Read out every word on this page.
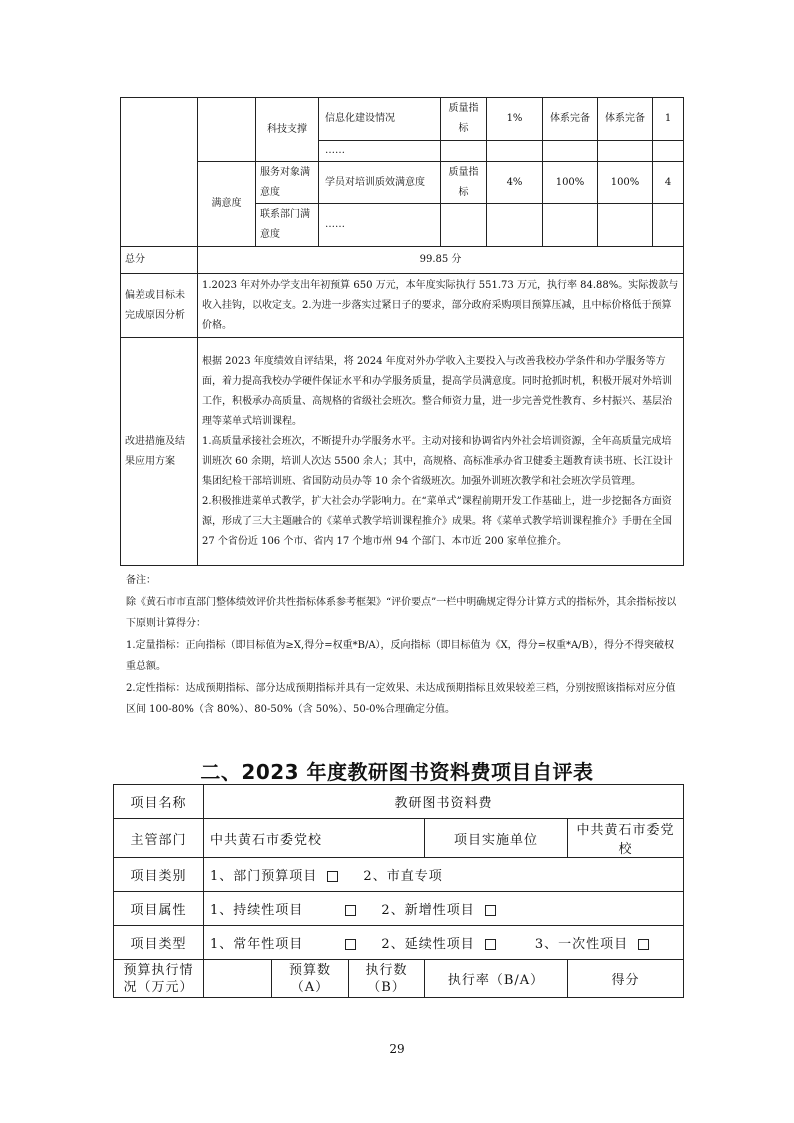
		科技支撑	信息化建设情况	质量指标	1%	体系完备	体系完备	1
			……					
	满意度	服务对象满意度	学员对培训质效满意度	质量指标	4%	100%	100%	4
		联系部门满意度	……					
总分	99.85 分							
偏差或目标未完成原因分析	1.2023 年对外办学支出年初预算 650 万元，本年度实际执行 551.73 万元，执行率 84.88%。实际拨款与收入挂钩，以收定支。2.为进一步落实过紧日子的要求，部分政府采购项目预算压减，且中标价格低于预算价格。							
改进措施及结果应用方案	根据 2023 年度绩效自评结果，将 2024 年度对外办学收入主要投入与改善我校办学条件和办学服务等方面，着力提高我校办学硬件保证水平和办学服务质量，提高学员满意度。同时抢抓时机，积极开展对外培训工作，积极承办高质量、高规格的省级社会班次。整合师资力量，进一步完善党性教育、乡村振兴、基层治理等菜单式培训课程。
1.高质量承接社会班次，不断提升办学服务水平。主动对接和协调省内外社会培训资源，全年高质量完成培训班次 60 余期，培训人次达 5500 余人；其中，高规格、高标准承办省卫健委主题教育读书班、长江设计集团纪检干部培训班、省国防动员办等 10 余个省级班次。加强外训班次教学和社会班次学员管理。
2.积极推进菜单式教学，扩大社会办学影响力。在“菜单式”课程前期开发工作基础上，进一步挖掘各方面资源，形成了三大主题融合的《菜单式教学培训课程推介》成果。将《菜单式教学培训课程推介》手册在全国 27 个省份近 106 个市、省内 17 个地市州 94 个部门、本市近 200 家单位推介。							
备注：
除《黄石市市直部门整体绩效评价共性指标体系参考框架》“评价要点”一栏中明确规定得分计算方式的指标外，其余指标按以下原则计算得分：
1.定量指标：正向指标（即目标值为≥X,得分=权重*B/A），反向指标（即目标值为《X，得分=权重*A/B），得分不得突破权重总额。
2.定性指标：达成预期指标、部分达成预期指标并具有一定效果、未达成预期指标且效果较差三档，分别按照该指标对应分值区间 100-80%（含 80%）、80-50%（含 50%）、50-0%合理确定分值。
二、2023 年度教研图书资料费项目自评表
项目名称	教研图书资料费				
主管部门	中共黄石市委党校			项目实施单位	中共黄石市委党校
项目类别	1、部门预算项目 2、市直专项				
项目属性	1、持续性项目 2、新增性项目				
项目类型	1、常年性项目 2、延续性项目 3、一次性项目				
预算执行情况（万元）		预算数（A）	执行数（B）	执行率（B/A）	得分
29
